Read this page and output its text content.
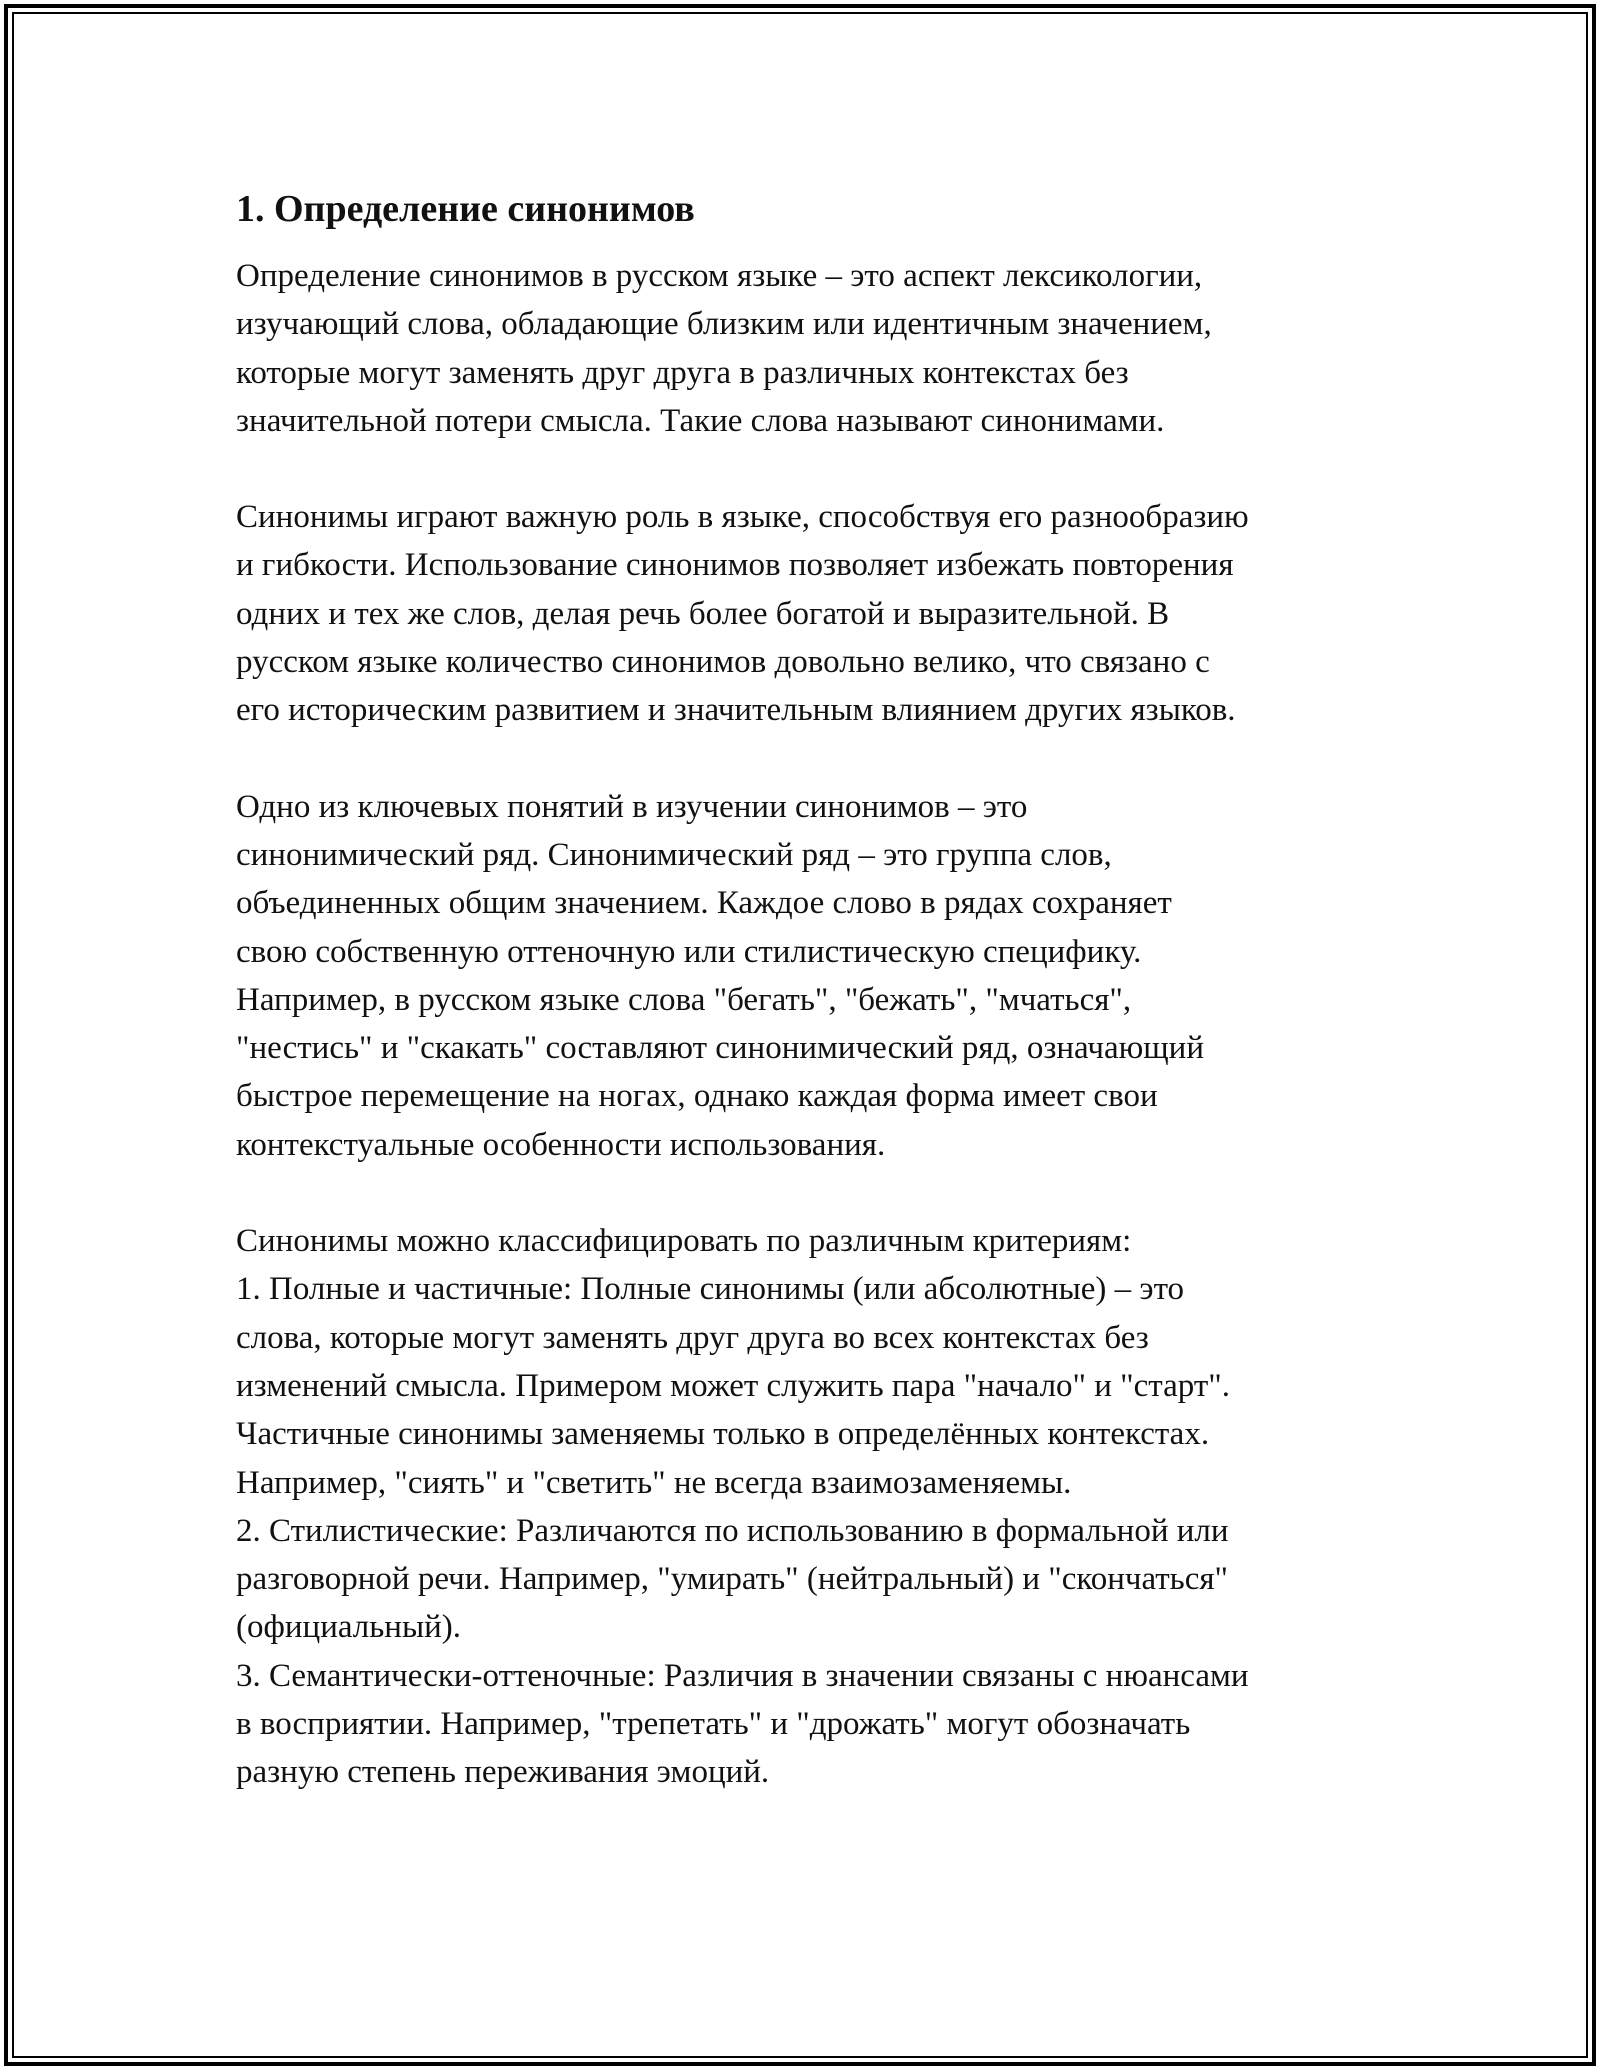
1. Определение синонимов
Определение синонимов в русском языке – это аспект лексикологии,
изучающий слова, обладающие близким или идентичным значением,
которые могут заменять друг друга в различных контекстах без
значительной потери смысла. Такие слова называют синонимами.
Синонимы играют важную роль в языке, способствуя его разнообразию
и гибкости. Использование синонимов позволяет избежать повторения
одних и тех же слов, делая речь более богатой и выразительной. В
русском языке количество синонимов довольно велико, что связано с
его историческим развитием и значительным влиянием других языков.
Одно из ключевых понятий в изучении синонимов – это
синонимический ряд. Синонимический ряд – это группа слов,
объединенных общим значением. Каждое слово в рядах сохраняет
свою собственную оттеночную или стилистическую специфику.
Например, в русском языке слова "бегать", "бежать", "мчаться",
"нестись" и "скакать" составляют синонимический ряд, означающий
быстрое перемещение на ногах, однако каждая форма имеет свои
контекстуальные особенности использования.
Синонимы можно классифицировать по различным критериям:
1. Полные и частичные: Полные синонимы (или абсолютные) – это
слова, которые могут заменять друг друга во всех контекстах без
изменений смысла. Примером может служить пара "начало" и "старт".
Частичные синонимы заменяемы только в определённых контекстах.
Например, "сиять" и "светить" не всегда взаимозаменяемы.
2. Стилистические: Различаются по использованию в формальной или
разговорной речи. Например, "умирать" (нейтральный) и "скончаться"
(официальный).
3. Семантически-оттеночные: Различия в значении связаны с нюансами
в восприятии. Например, "трепетать" и "дрожать" могут обозначать
разную степень переживания эмоций.
